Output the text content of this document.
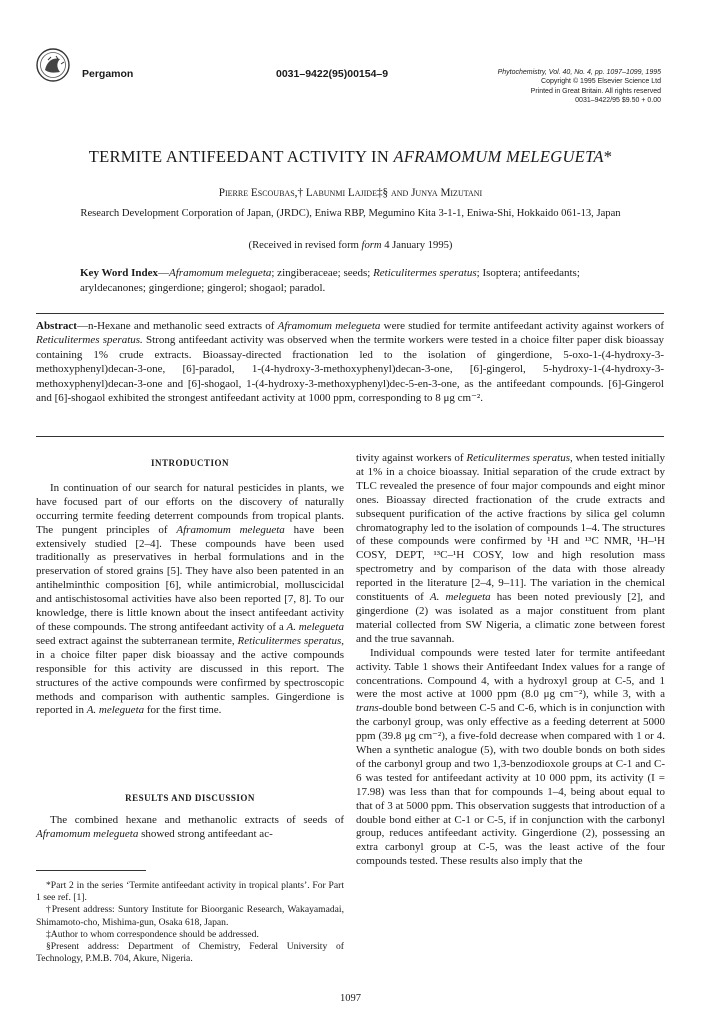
Pergamon	0031–9422(95)00154–9	Phytochemistry, Vol. 40, No. 4, pp. 1097–1099, 1995
Copyright © 1995 Elsevier Science Ltd
Printed in Great Britain. All rights reserved
0031–9422/95 $9.50 + 0.00
TERMITE ANTIFEEDANT ACTIVITY IN AFRAMOMUM MELEGUETA*
Pierre Escoubas,† Labunmi Lajide‡§ and Junya Mizutani
Research Development Corporation of Japan, (JRDC), Eniwa RBP, Megumino Kita 3-1-1, Eniwa-Shi, Hokkaido 061-13, Japan
(Received in revised form form 4 January 1995)
Key Word Index—Aframomum melegueta; zingiberaceae; seeds; Reticulitermes speratus; Isoptera; antifeedants; aryldecanones; gingerdione; gingerol; shogaol; paradol.
Abstract—n-Hexane and methanolic seed extracts of Aframomum melegueta were studied for termite antifeedant activity against workers of Reticulitermes speratus. Strong antifeedant activity was observed when the termite workers were tested in a choice filter paper disk bioassay containing 1% crude extracts. Bioassay-directed fractionation led to the isolation of gingerdione, 5-oxo-1-(4-hydroxy-3-methoxyphenyl)decan-3-one, [6]-paradol, 1-(4-hydroxy-3-methoxyphenyl)decan-3-one, [6]-gingerol, 5-hydroxy-1-(4-hydroxy-3-methoxyphenyl)decan-3-one and [6]-shogaol, 1-(4-hydroxy-3-methoxyphenyl)dec-5-en-3-one, as the antifeedant compounds. [6]-Gingerol and [6]-shogaol exhibited the strongest antifeedant activity at 1000 ppm, corresponding to 8 μg cm⁻².
INTRODUCTION

In continuation of our search for natural pesticides in plants, we have focused part of our efforts on the discovery of naturally occurring termite feeding deterrent compounds from tropical plants. The pungent principles of Aframomum melegueta have been extensively studied [2–4]. These compounds have been used traditionally as preservatives in herbal formulations and in the preservation of stored grains [5]. They have also been patented in an antihelminthic composition [6], while antimicrobial, molluscicidal and antischistosomal activities have also been reported [7, 8]. To our knowledge, there is little known about the insect antifeedant activity of these compounds. The strong antifeedant activity of a A. melegueta seed extract against the subterranean termite, Reticulitermes speratus, in a choice filter paper disk bioassay and the active compounds responsible for this activity are discussed in this report. The structures of the active compounds were confirmed by spectroscopic methods and comparison with authentic samples. Gingerdione is reported in A. melegueta for the first time.

RESULTS AND DISCUSSION

The combined hexane and methanolic extracts of seeds of Aframomum melegueta showed strong antifeedant ac-

*Part 2 in the series ‘Termite antifeedant activity in tropical plants’. For Part 1 see ref. [1].

†Present address: Suntory Institute for Bioorganic Research, Wakayamadai, Shimamoto-cho, Mishima-gun, Osaka 618, Japan.

‡Author to whom correspondence should be addressed.

§Present address: Department of Chemistry, Federal University of Technology, P.M.B. 704, Akure, Nigeria.

tivity against workers of Reticulitermes speratus, when tested initially at 1% in a choice bioassay. Initial separation of the crude extract by TLC revealed the presence of four major compounds and eight minor ones. Bioassay directed fractionation of the crude extracts and subsequent purification of the active fractions by silica gel column chromatography led to the isolation of compounds 1–4. The structures of these compounds were confirmed by ¹H and ¹³C NMR, ¹H–¹H COSY, DEPT, ¹³C–¹H COSY, low and high resolution mass spectrometry and by comparison of the data with those already reported in the literature [2–4, 9–11]. The variation in the chemical constituents of A. melegueta has been noted previously [2], and gingerdione (2) was isolated as a major constituent from plant material collected from SW Nigeria, a climatic zone between forest and the true savannah.

Individual compounds were tested later for termite antifeedant activity. Table 1 shows their Antifeedant Index values for a range of concentrations. Compound 4, with a hydroxyl group at C-5, and 1 were the most active at 1000 ppm (8.0 μg cm⁻²), while 3, with a trans-double bond between C-5 and C-6, which is in conjunction with the carbonyl group, was only effective as a feeding deterrent at 5000 ppm (39.8 μg cm⁻²), a five-fold decrease when compared with 1 or 4. When a synthetic analogue (5), with two double bonds on both sides of the carbonyl group and two 1,3-benzodioxole groups at C-1 and C-6 was tested for antifeedant activity at 10 000 ppm, its activity (I = 17.98) was less than that for compounds 1–4, being about equal to that of 3 at 5000 ppm. This observation suggests that introduction of a double bond either at C-1 or C-5, if in conjunction with the carbonyl group, reduces antifeedant activity. Gingerdione (2), possessing an extra carbonyl group at C-5, was the least active of the four compounds tested. These results also imply that the

1097
